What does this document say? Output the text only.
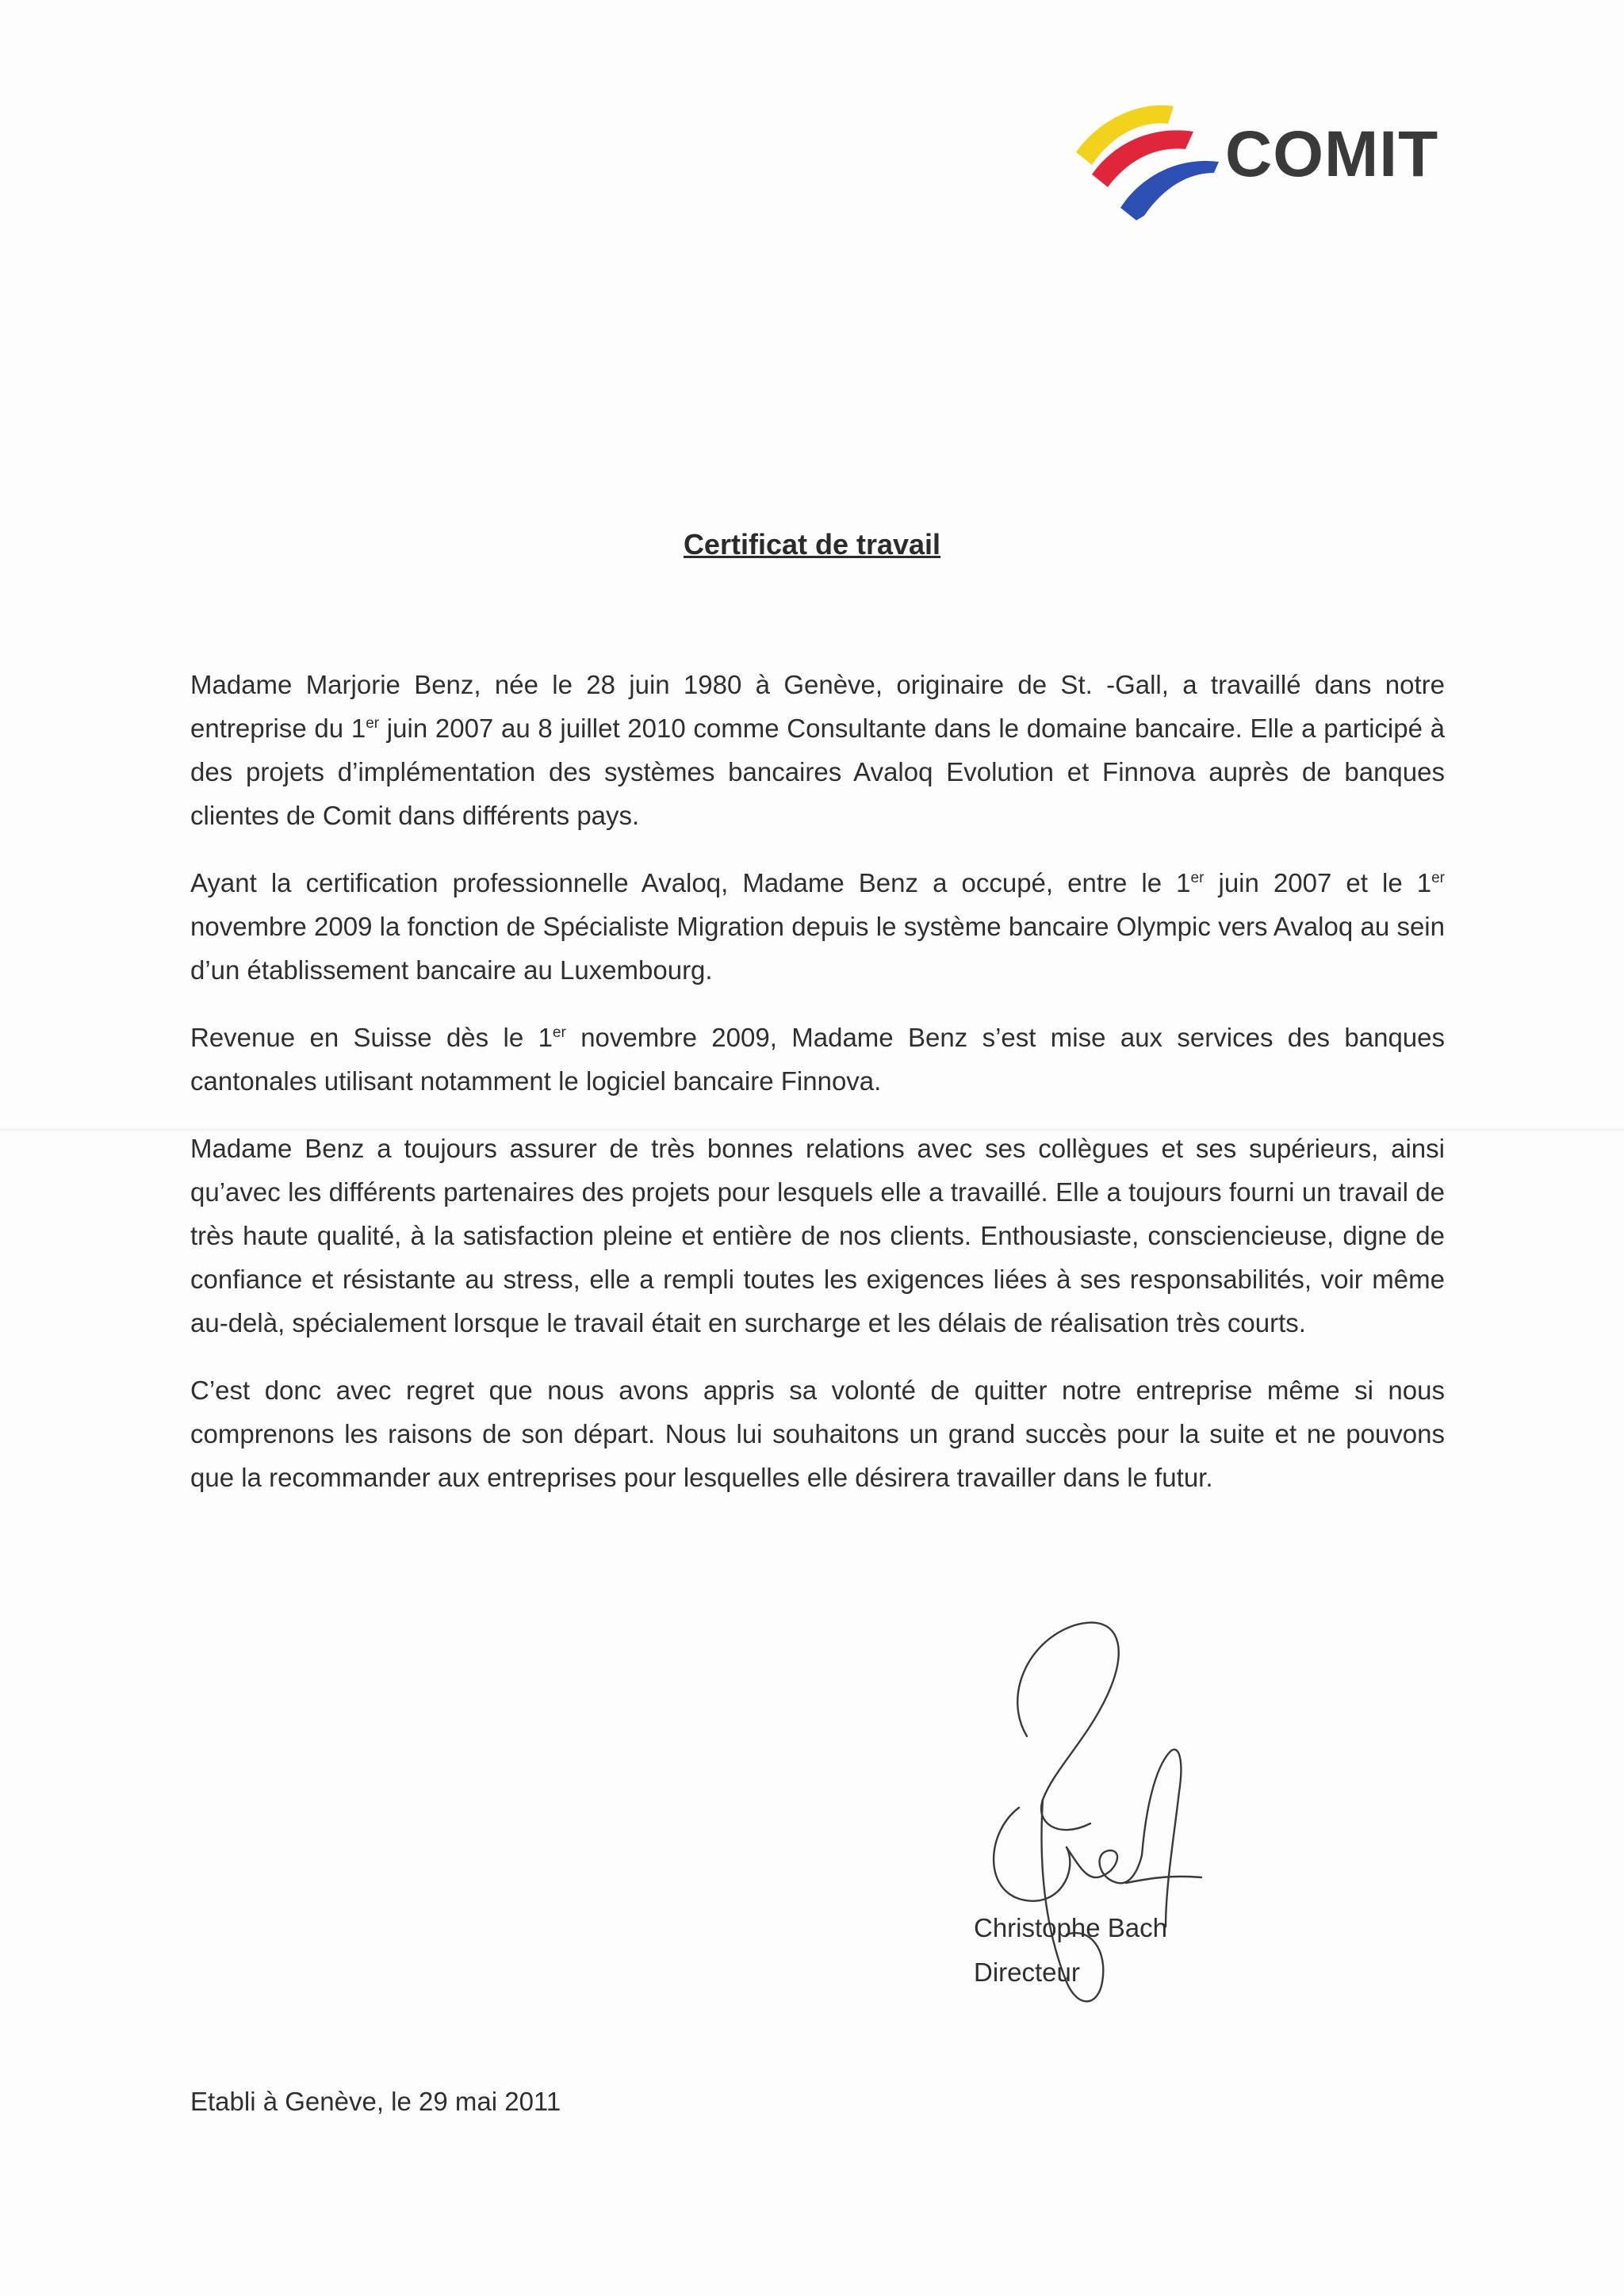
COMIT
Certificat de travail

Madame Marjorie Benz, née le 28 juin 1980 à Genève, originaire de St. -Gall, a travaillé dans notre entreprise du 1er juin 2007 au 8 juillet 2010 comme Consultante dans le domaine bancaire. Elle a participé à des projets d’implémentation des systèmes bancaires Avaloq Evolution et Finnova auprès de banques clientes de Comit dans différents pays.

Ayant la certification professionnelle Avaloq, Madame Benz a occupé, entre le 1er juin 2007 et le 1er novembre 2009 la fonction de Spécialiste Migration depuis le système bancaire Olympic vers Avaloq au sein d’un établissement bancaire au Luxembourg.

Revenue en Suisse dès le 1er novembre 2009, Madame Benz s’est mise aux services des banques cantonales utilisant notamment le logiciel bancaire Finnova.

Madame Benz a toujours assurer de très bonnes relations avec ses collègues et ses supérieurs, ainsi qu’avec les différents partenaires des projets pour lesquels elle a travaillé. Elle a toujours fourni un travail de très haute qualité, à la satisfaction pleine et entière de nos clients. Enthousiaste, consciencieuse, digne de confiance et résistante au stress, elle a rempli toutes les exigences liées à ses responsabilités, voir même au-delà, spécialement lorsque le travail était en surcharge et les délais de réalisation très courts.

C’est donc avec regret que nous avons appris sa volonté de quitter notre entreprise même si nous comprenons les raisons de son départ. Nous lui souhaitons un grand succès pour la suite et ne pouvons que la recommander aux entreprises pour lesquelles elle désirera travailler dans le futur.

Christophe Bach
Directeur
Etabli à Genève, le 29 mai 2011
